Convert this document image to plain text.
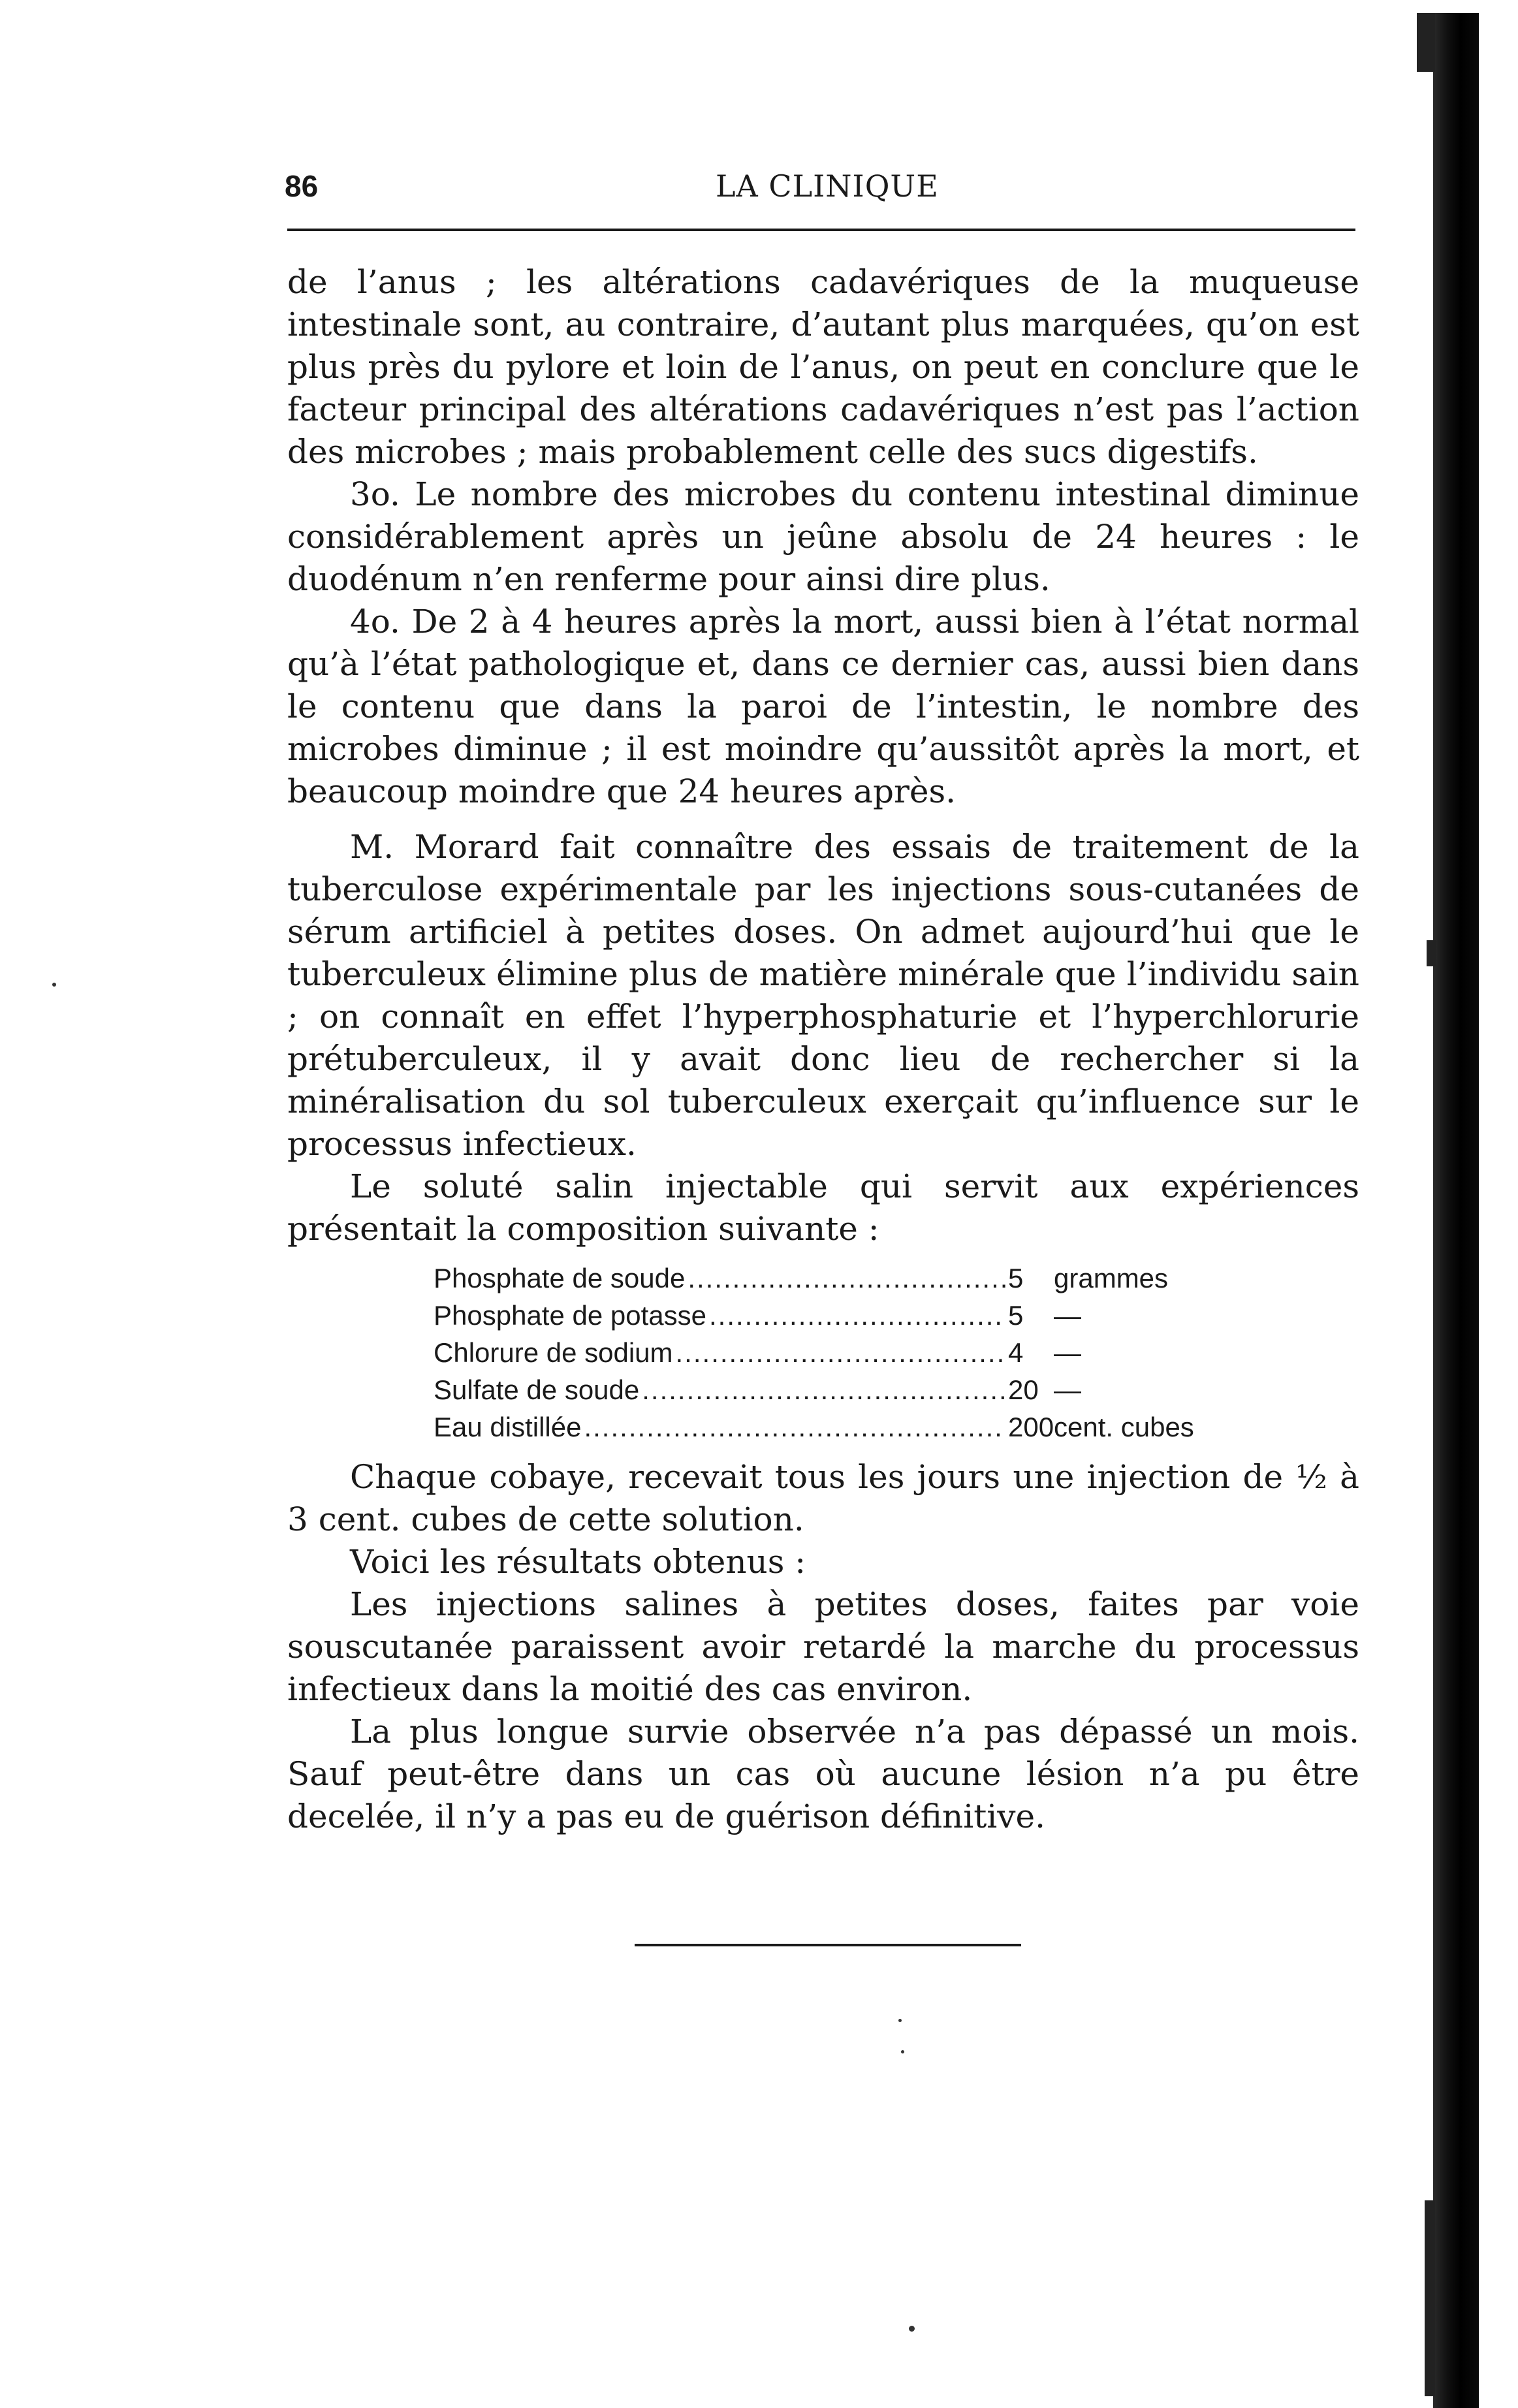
86	LA CLINIQUE

de l’anus ; les altérations cadavériques de la muqueuse intestinale sont, au contraire, d’autant plus marquées, qu’on est plus près du pylore et loin de l’anus, on peut en conclure que le facteur principal des altérations cadavériques n’est pas l’action des microbes ; mais probablement celle des sucs digestifs.

3o. Le nombre des microbes du contenu intestinal diminue considérablement après un jeûne absolu de 24 heures : le duodénum n’en renferme pour ainsi dire plus.

4o. De 2 à 4 heures après la mort, aussi bien à l’état normal qu’à l’état pathologique et, dans ce dernier cas, aussi bien dans le contenu que dans la paroi de l’intestin, le nombre des microbes diminue ; il est moindre qu’aussitôt après la mort, et beaucoup moindre que 24 heures après.

M. Morard fait connaître des essais de traitement de la tuberculose expérimentale par les injections sous-cutanées de sérum artificiel à petites doses. On admet aujourd’hui que le tuberculeux élimine plus de matière minérale que l’individu sain ; on connaît en effet l’hyperphosphaturie et l’hyperchlorurie prétuberculeux, il y avait donc lieu de rechercher si la minéralisation du sol tuberculeux exerçait qu’influence sur le processus infectieux.

Le soluté salin injectable qui servit aux expériences présentait la composition suivante :

Phosphate de soude .....	5	grammes
Phosphate de potasse .....	5	—
Chlorure de sodium .....	4	—
Sulfate de soude .....	20 —
Eau distillée .....	200 cent. cubes

Chaque cobaye, recevait tous les jours une injection de ½ à 3 cent. cubes de cette solution.

Voici les résultats obtenus :

Les injections salines à petites doses, faites par voie souscutanée paraissent avoir retardé la marche du processus infectieux dans la moitié des cas environ.

La plus longue survie observée n’a pas dépassé un mois. Sauf peut-être dans un cas où aucune lésion n’a pu être decelée, il n’y a pas eu de guérison définitive.
